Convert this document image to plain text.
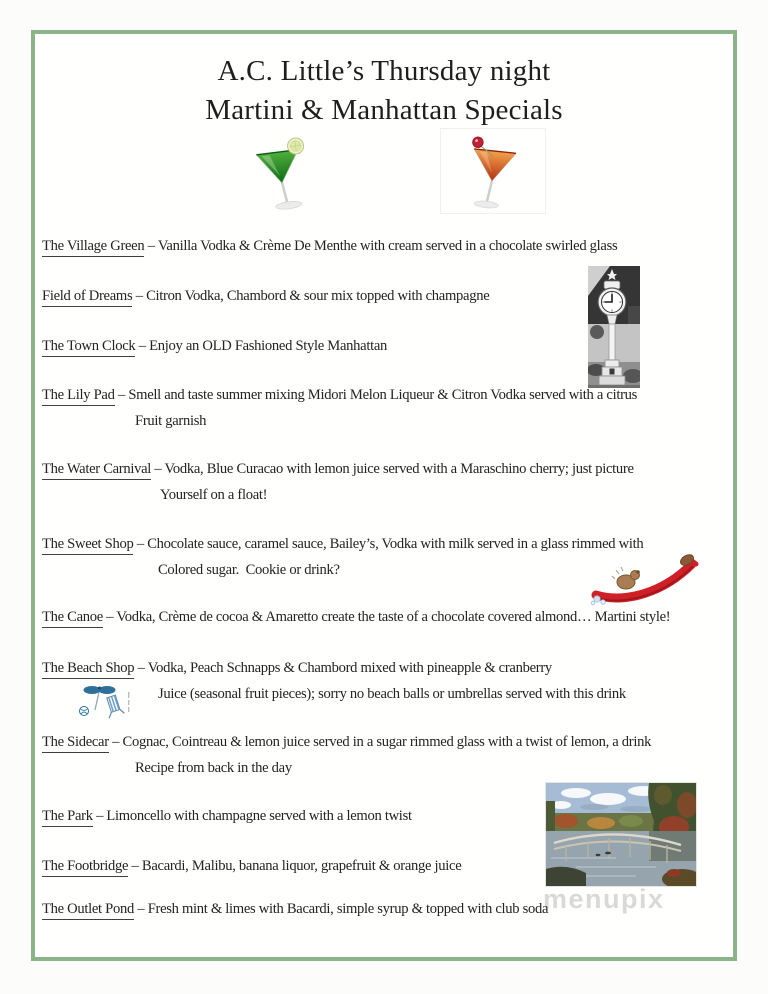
A.C. Little’s Thursday night
Martini & Manhattan Specials
menupix
The Village Green – Vanilla Vodka & Crème De Menthe with cream served in a chocolate swirled glass
Field of Dreams – Citron Vodka, Chambord & sour mix topped with champagne
The Town Clock – Enjoy an OLD Fashioned Style Manhattan
The Lily Pad – Smell and taste summer mixing Midori Melon Liqueur & Citron Vodka served with a citrus
Fruit garnish
The Water Carnival – Vodka, Blue Curacao with lemon juice served with a Maraschino cherry; just picture
Yourself on a float!
The Sweet Shop – Chocolate sauce, caramel sauce, Bailey’s, Vodka with milk served in a glass rimmed with
Colored sugar.  Cookie or drink?
The Canoe – Vodka, Crème de cocoa & Amaretto create the taste of a chocolate covered almond… Martini style!
The Beach Shop – Vodka, Peach Schnapps & Chambord mixed with pineapple & cranberry
Juice (seasonal fruit pieces); sorry no beach balls or umbrellas served with this drink
The Sidecar – Cognac, Cointreau & lemon juice served in a sugar rimmed glass with a twist of lemon, a drink
Recipe from back in the day
The Park – Limoncello with champagne served with a lemon twist
The Footbridge – Bacardi, Malibu, banana liquor, grapefruit & orange juice
The Outlet Pond – Fresh mint & limes with Bacardi, simple syrup & topped with club soda
